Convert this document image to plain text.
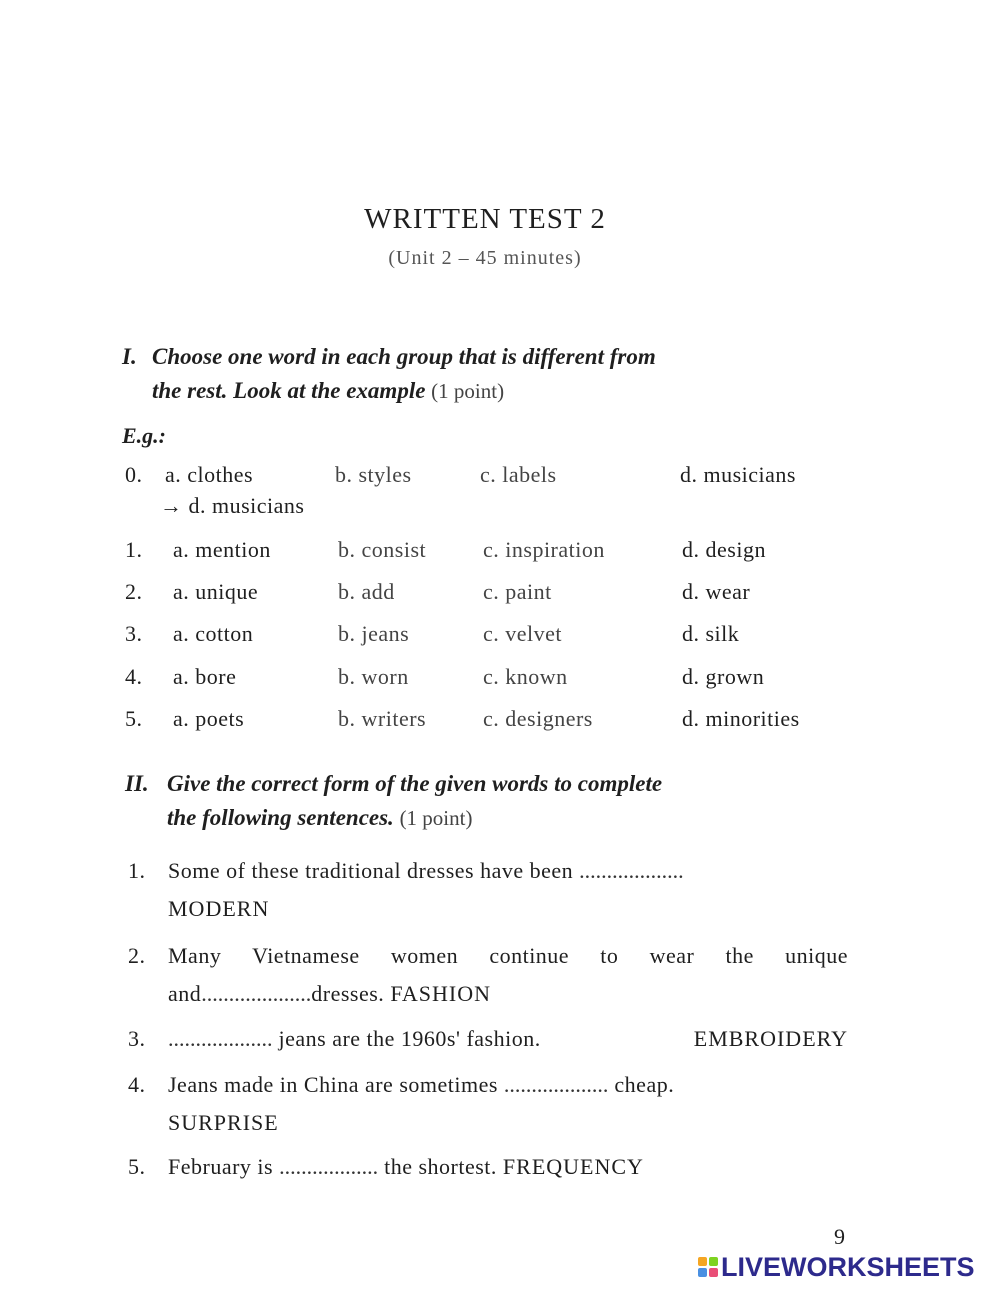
WRITTEN TEST 2
(Unit 2 – 45 minutes)
I. Choose one word in each group that is different from
the rest. Look at the example (1 point)
E.g.:
0. a. clothes	b. styles	c. labels	d. musicians
→ d. musicians
1. a. mention	b. consist	c. inspiration	d. design
2. a. unique	b. add	c. paint	d. wear
3. a. cotton	b. jeans	c. velvet	d. silk
4. a. bore	b. worn	c. known	d. grown
5. a. poets	b. writers	c. designers	d. minorities
II. Give the correct form of the given words to complete
the following sentences. (1 point)
1. Some of these traditional dresses have been ...................
MODERN
2. Many Vietnamese women continue to wear the unique and....................dresses. FASHION
3. ................... jeans are the 1960s' fashion.	EMBROIDERY
4. Jeans made in China are sometimes ................... cheap.
SURPRISE
5. February is .................. the shortest. FREQUENCY
9
LIVEWORKSHEETS
